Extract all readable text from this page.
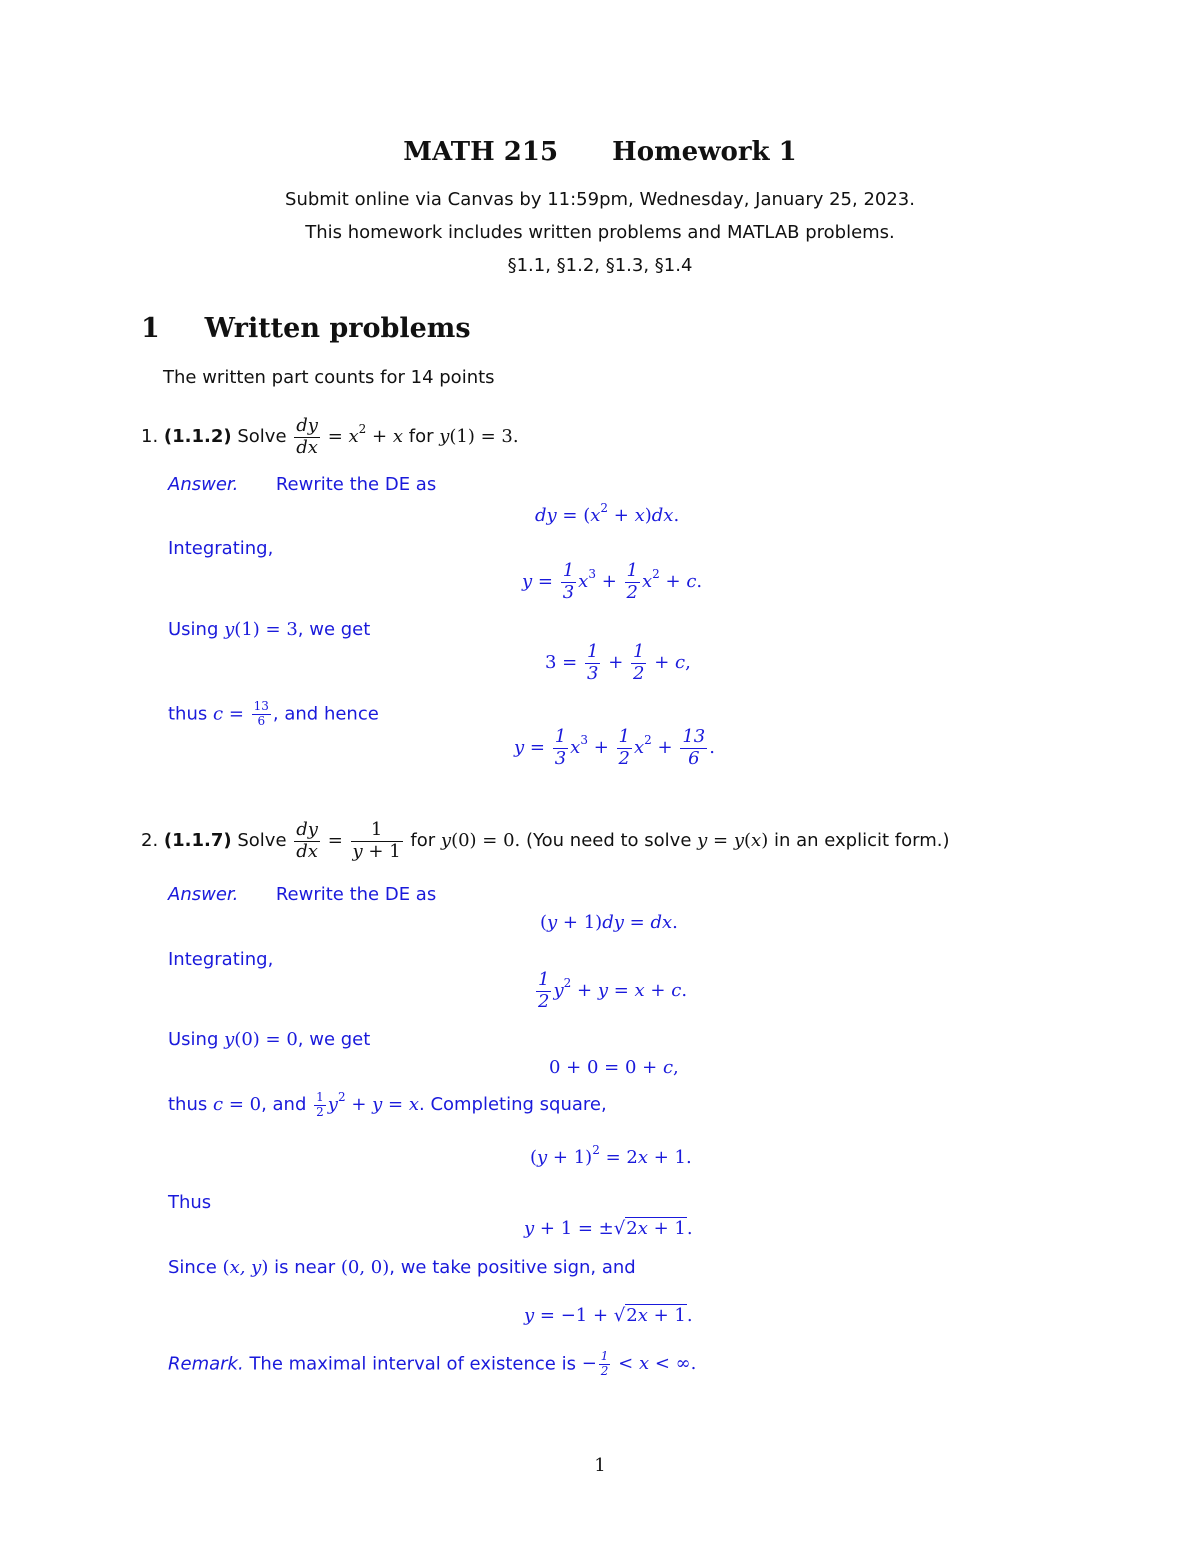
MATH 215 Homework 1
Submit online via Canvas by 11:59pm, Wednesday, January 25, 2023.
This homework includes written problems and MATLAB problems.
§1.1, §1.2, §1.3, §1.4
1 Written problems
The written part counts for 14 points
1. (1.1.2) Solve $\frac{dy}{dx} = x^2 + x$ for y(1) = 3.
Answer. Rewrite the DE as
dy = $(x^2 + x)dx$.
Integrating,
$y = \frac{1}{3} x^3 + \frac{1}{2} x^2 + c$.
Using y(1) = 3, we get
$3 = \frac{1}{3} + \frac{1}{2} + c$,
thus $c = \frac{13}{6}$ , and hence
$y = \frac{1}{3} x^3 + \frac{1}{2} x^2 + \frac{13}{6}$ .
2. (1.1.7) Solve $\frac{dy}{dx} = \frac{1}{y + 1}$ for y(0) = 0. (You need to solve y = y(x) in an explicit form.)
Answer. Rewrite the DE as
(y + 1)dy = dx.
Integrating,
$\frac{1}{2} y^2 + y = x + c$.
Using y(0) = 0, we get
0 + 0 = 0 + c,
thus c = 0, and $\frac{1}{2} y^2 + y = x$. Completing square,
$(y + 1)^2 = 2x + 1$.
Thus
y + 1 = ±√2x + 1.
Since (x, y) is near (0, 0), we take positive sign, and
y = −1 + √2x + 1.
Remark. The maximal interval of existence is − $\frac{1}{2} < x$ < ∞.
1
